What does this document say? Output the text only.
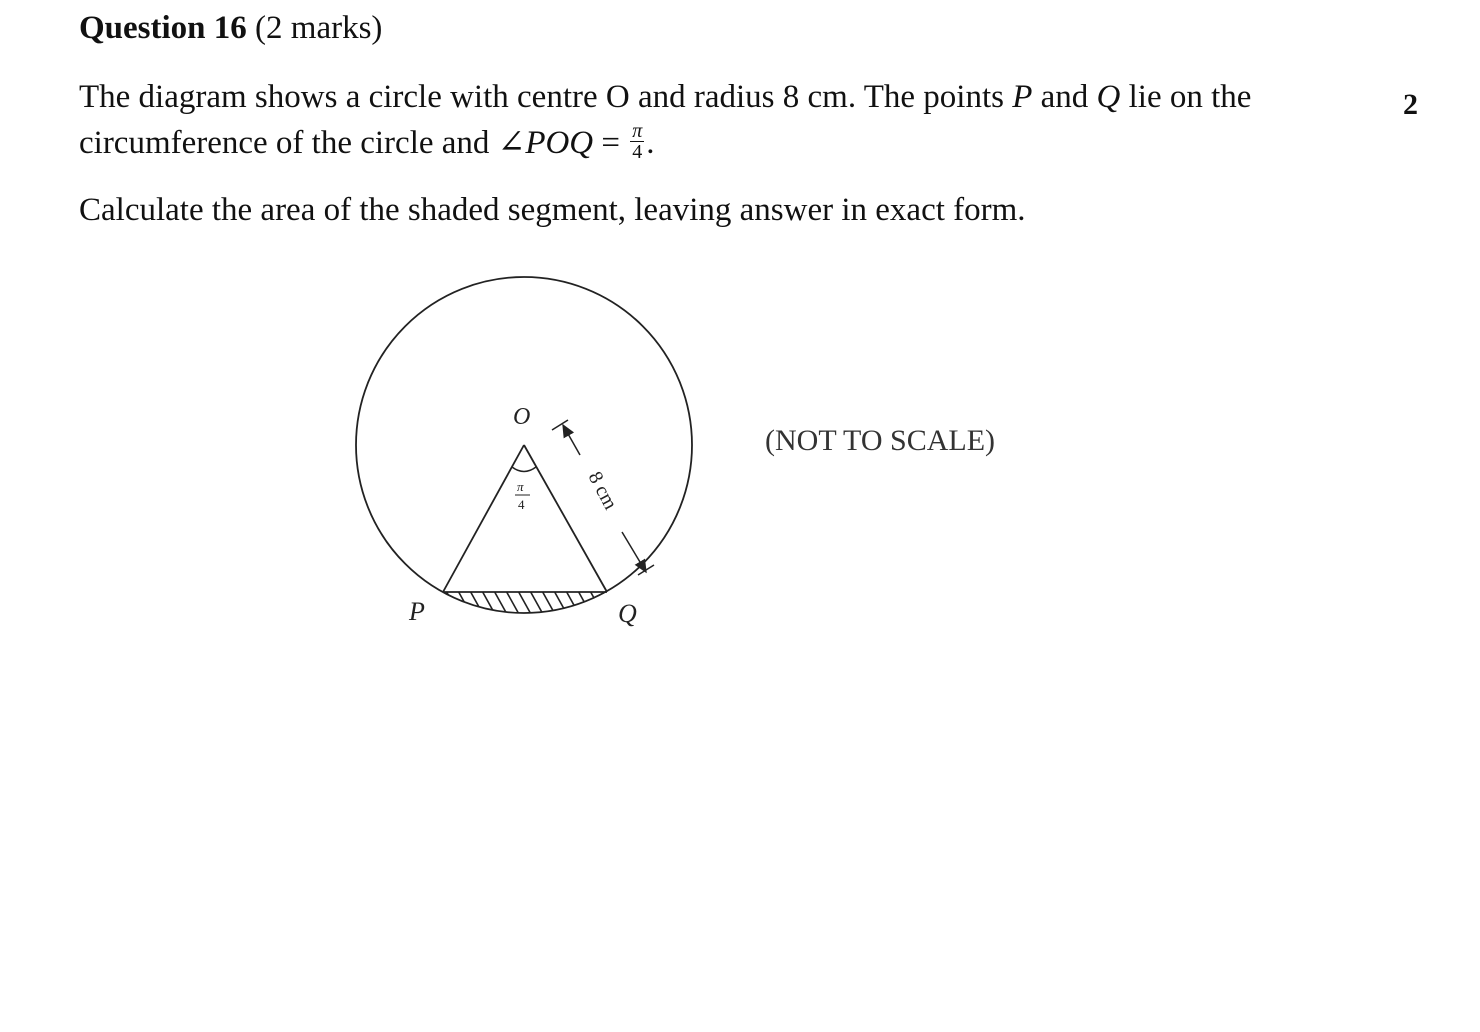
Question 16 (2 marks)
2
The diagram shows a circle with centre O and radius 8 cm. The points P and Q lie on the circumference of the circle and ∠POQ = $\frac{\pi}{4}$ .
Calculate the area of the shaded segment, leaving answer in exact form.
π
4	8 cm
O
P	Q
(NOT TO SCALE)
